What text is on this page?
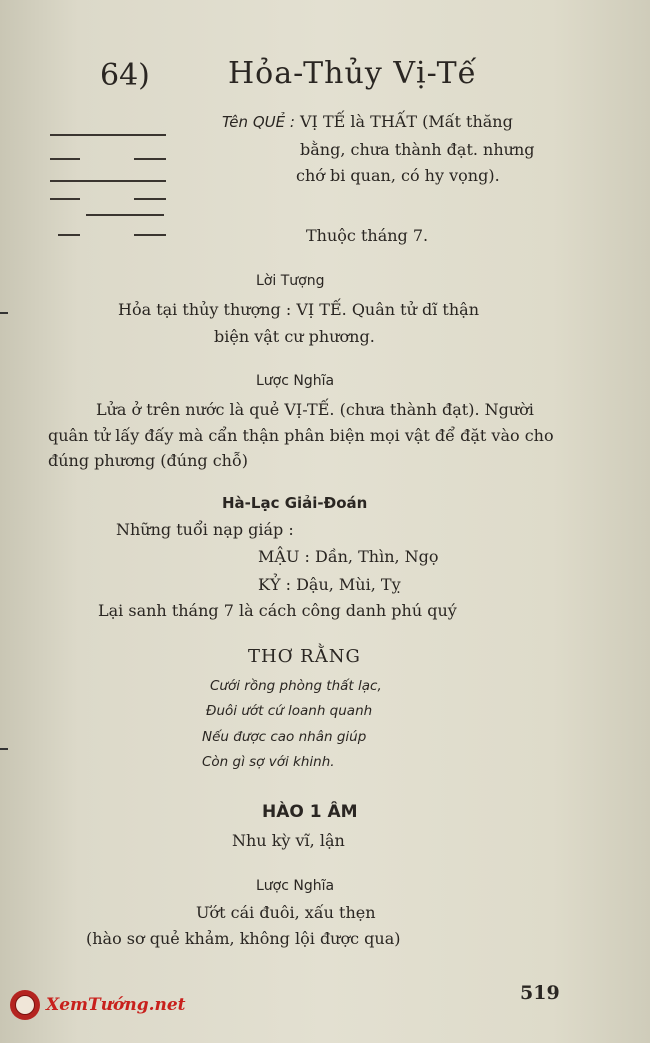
64)	Hỏa-Thủy Vị-Tế
Tên QUẺ : VỊ TẾ là THẤT (Mất thăng
bằng, chưa thành đạt. nhưng
chớ bi quan, có hy vọng).
Thuộc tháng 7.
Lời Tượng
Hỏa tại thủy thượng : VỊ TẾ. Quân tử dĩ thận
biện vật cư phương.
Lược Nghĩa
Lửa ở trên nước là quẻ VỊ-TẾ. (chưa thành đạt). Người
quân tử lấy đấy mà cẩn thận phân biện mọi vật để đặt vào cho
đúng phương (đúng chỗ)
Hà-Lạc Giải-Đoán
Những tuổi nạp giáp :
MẬU : Dần, Thìn, Ngọ
KỶ : Dậu, Mùi, Tỵ
Lại sanh tháng 7 là cách công danh phú quý
THƠ RẰNG
Cưới rồng phòng thất lạc,
Đuôi ướt cứ loanh quanh
Nếu được cao nhân giúp
Còn gì sợ với khinh.
HÀO 1 ÂM
Nhu kỳ vĩ, lận
Lược Nghĩa
Ướt cái đuôi, xấu thẹn
(hào sơ quẻ khảm, không lội được qua)
519
XemTướng.net
